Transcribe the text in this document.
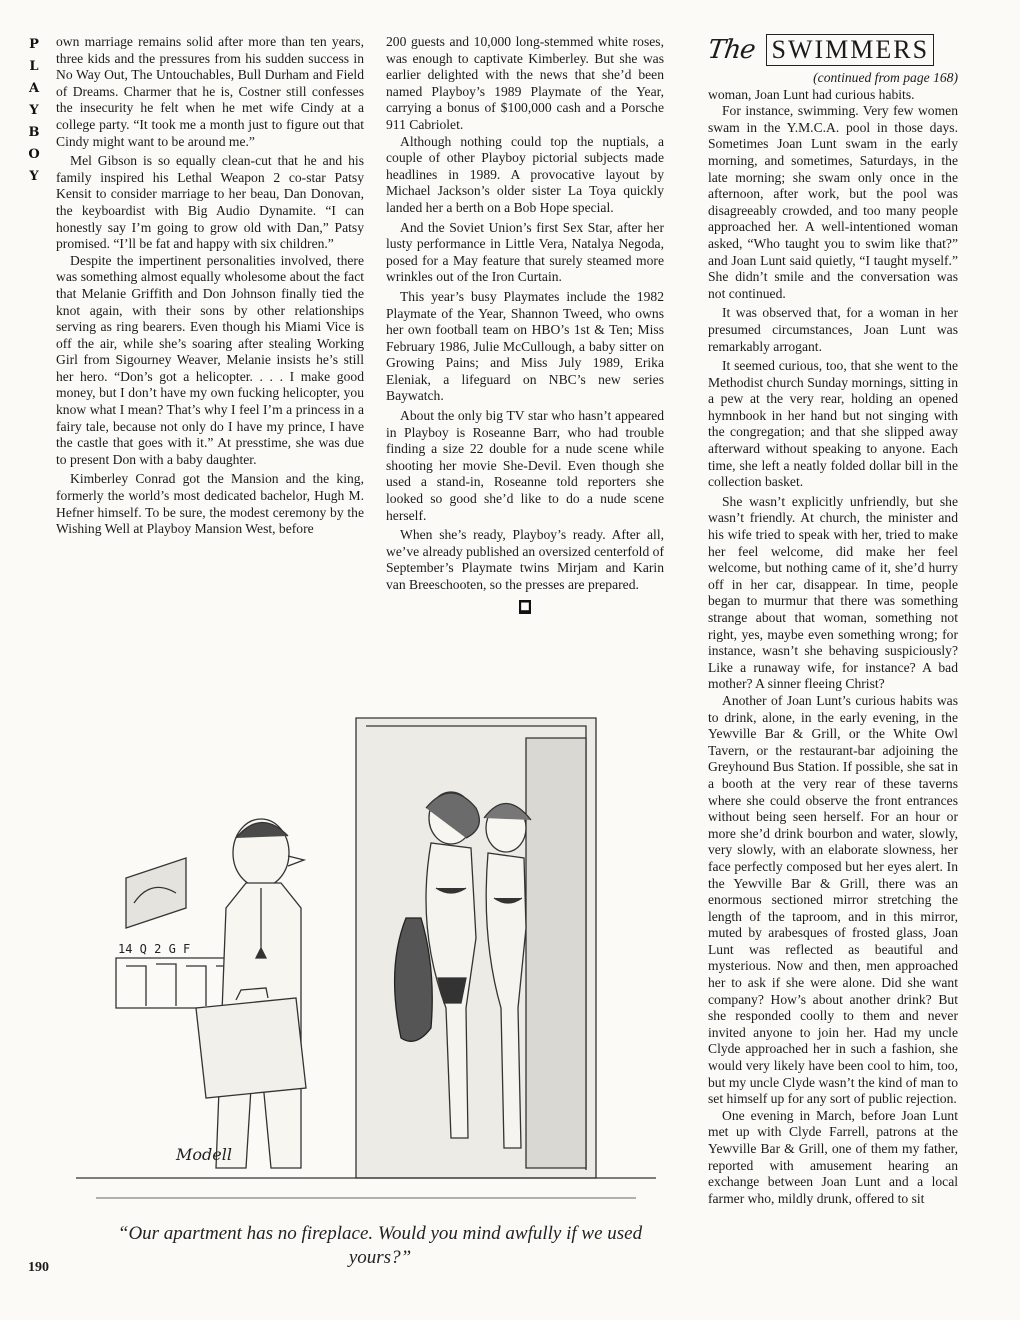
P
L
A
Y
B
O
Y

own marriage remains solid after more than ten years, three kids and the pressures from his sudden success in No Way Out, The Untouchables, Bull Durham and Field of Dreams. Charmer that he is, Costner still confesses the insecurity he felt when he met wife Cindy at a college party. “It took me a month just to figure out that Cindy might want to be around me.”

Mel Gibson is so equally clean-cut that he and his family inspired his Lethal Weapon 2 co-star Patsy Kensit to consider marriage to her beau, Dan Donovan, the keyboardist with Big Audio Dynamite. “I can honestly say I’m going to grow old with Dan,” Patsy promised. “I’ll be fat and happy with six children.”

Despite the impertinent personalities involved, there was something almost equally wholesome about the fact that Melanie Griffith and Don Johnson finally tied the knot again, with their sons by other relationships serving as ring bearers. Even though his Miami Vice is off the air, while she’s soaring after stealing Working Girl from Sigourney Weaver, Melanie insists he’s still her hero. “Don’s got a helicopter. . . . I make good money, but I don’t have my own fucking helicopter, you know what I mean? That’s why I feel I’m a princess in a fairy tale, because not only do I have my prince, I have the castle that goes with it.” At presstime, she was due to present Don with a baby daughter.

Kimberley Conrad got the Mansion and the king, formerly the world’s most dedicated bachelor, Hugh M. Hefner himself. To be sure, the modest ceremony by the Wishing Well at Playboy Mansion West, before

200 guests and 10,000 long-stemmed white roses, was enough to captivate Kimberley. But she was earlier delighted with the news that she’d been named Playboy’s 1989 Playmate of the Year, carrying a bonus of $100,000 cash and a Porsche 911 Cabriolet.

Although nothing could top the nuptials, a couple of other Playboy pictorial subjects made headlines in 1989. A provocative layout by Michael Jackson’s older sister La Toya quickly landed her a berth on a Bob Hope special.

And the Soviet Union’s first Sex Star, after her lusty performance in Little Vera, Natalya Negoda, posed for a May feature that surely steamed more wrinkles out of the Iron Curtain.

This year’s busy Playmates include the 1982 Playmate of the Year, Shannon Tweed, who owns her own football team on HBO’s 1st & Ten; Miss February 1986, Julie McCullough, a baby sitter on Growing Pains; and Miss July 1989, Erika Eleniak, a lifeguard on NBC’s new series Baywatch.

About the only big TV star who hasn’t appeared in Playboy is Roseanne Barr, who had trouble finding a size 22 double for a nude scene while shooting her movie She-Devil. Even though she used a stand-in, Roseanne told reporters she looked so good she’d like to do a nude scene herself.

When she’s ready, Playboy’s ready. After all, we’ve already published an oversized centerfold of September’s Playmate twins Mirjam and Karin van Breeschooten, so the presses are prepared.

■
The SWIMMERS

(continued from page 168)

woman, Joan Lunt had curious habits.

For instance, swimming. Very few women swam in the Y.M.C.A. pool in those days. Sometimes Joan Lunt swam in the early morning, and sometimes, Saturdays, in the late morning; she swam only once in the afternoon, after work, but the pool was disagreeably crowded, and too many people approached her. A well-intentioned woman asked, “Who taught you to swim like that?” and Joan Lunt said quietly, “I taught myself.” She didn’t smile and the conversation was not continued.

It was observed that, for a woman in her presumed circumstances, Joan Lunt was remarkably arrogant.

It seemed curious, too, that she went to the Methodist church Sunday mornings, sitting in a pew at the very rear, holding an opened hymnbook in her hand but not singing with the congregation; and that she slipped away afterward without speaking to anyone. Each time, she left a neatly folded dollar bill in the collection basket.

She wasn’t explicitly unfriendly, but she wasn’t friendly. At church, the minister and his wife tried to speak with her, tried to make her feel welcome, did make her feel welcome, but nothing came of it, she’d hurry off in her car, disappear. In time, people began to murmur that there was something strange about that woman, something not right, yes, maybe even something wrong; for instance, wasn’t she behaving suspiciously? Like a runaway wife, for instance? A bad mother? A sinner fleeing Christ?

Another of Joan Lunt’s curious habits was to drink, alone, in the early evening, in the Yewville Bar & Grill, or the White Owl Tavern, or the restaurant-bar adjoining the Greyhound Bus Station. If possible, she sat in a booth at the very rear of these taverns where she could observe the front entrances without being seen herself. For an hour or more she’d drink bourbon and water, slowly, very slowly, with an elaborate slowness, her face perfectly composed but her eyes alert. In the Yewville Bar & Grill, there was an enormous sectioned mirror stretching the length of the taproom, and in this mirror, muted by arabesques of frosted glass, Joan Lunt was reflected as beautiful and mysterious. Now and then, men approached her to ask if she were alone. Did she want company? How’s about another drink? But she responded coolly to them and never invited anyone to join her. Had my uncle Clyde approached her in such a fashion, she would very likely have been cool to him, too, but my uncle Clyde wasn’t the kind of man to set himself up for any sort of public rejection.

One evening in March, before Joan Lunt met up with Clyde Farrell, patrons at the Yewville Bar & Grill, one of them my father, reported with amusement hearing an exchange between Joan Lunt and a local farmer who, mildly drunk, offered to sit

Modell
14 Q 2 G F
“Our apartment has no fireplace. Would you mind awfully if we used yours?”
190
